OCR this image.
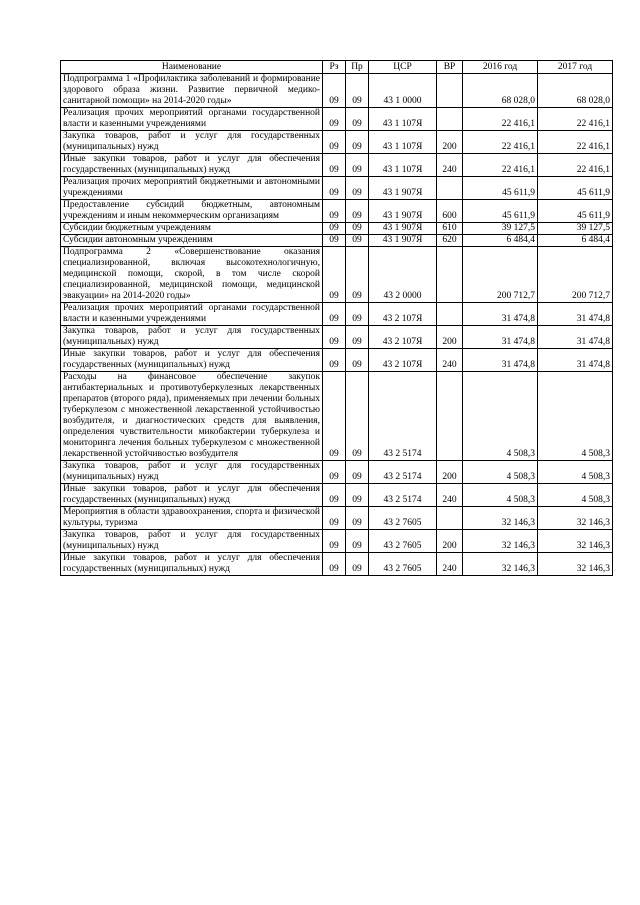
Наименование	Рз	Пр	ЦСР	ВР	2016 год	2017 год
Подпрограмма 1 «Профилактика заболеваний и формирование здорового образа жизни. Развитие первичной медико-санитарной помощи» на 2014-2020 годы»	09	09	43 1 0000		68 028,0	68 028,0
Реализация прочих мероприятий органами государственной власти и казенными учреждениями	09	09	43 1 107Я		22 416,1	22 416,1
Закупка товаров, работ и услуг для государственных (муниципальных) нужд	09	09	43 1 107Я	200	22 416,1	22 416,1
Иные закупки товаров, работ и услуг для обеспечения государственных (муниципальных) нужд	09	09	43 1 107Я	240	22 416,1	22 416,1
Реализация прочих мероприятий бюджетными и автономными учреждениями	09	09	43 1 907Я		45 611,9	45 611,9
Предоставление субсидий бюджетным, автономным учреждениям и иным некоммерческим организациям	09	09	43 1 907Я	600	45 611,9	45 611,9
Субсидии бюджетным учреждениям	09	09	43 1 907Я	610	39 127,5	39 127,5
Субсидии автономным учреждениям	09	09	43 1 907Я	620	6 484,4	6 484,4
Подпрограмма 2 «Совершенствование оказания специализированной, включая высокотехнологичную, медицинской помощи, скорой, в том числе скорой специализированной, медицинской помощи, медицинской эвакуации» на 2014-2020 годы»	09	09	43 2 0000		200 712,7	200 712,7
Реализация прочих мероприятий органами государственной власти и казенными учреждениями	09	09	43 2 107Я		31 474,8	31 474,8
Закупка товаров, работ и услуг для государственных (муниципальных) нужд	09	09	43 2 107Я	200	31 474,8	31 474,8
Иные закупки товаров, работ и услуг для обеспечения государственных (муниципальных) нужд	09	09	43 2 107Я	240	31 474,8	31 474,8
Расходы на финансовое обеспечение закупок антибактериальных и противотуберкулезных лекарственных препаратов (второго ряда), применяемых при лечении больных туберкулезом с множественной лекарственной устойчивостью возбудителя, и диагностических средств для выявления, определения чувствительности микобактерии туберкулеза и мониторинга лечения больных туберкулезом с множественной лекарственной устойчивостью возбудителя	09	09	43 2 5174		4 508,3	4 508,3
Закупка товаров, работ и услуг для государственных (муниципальных) нужд	09	09	43 2 5174	200	4 508,3	4 508,3
Иные закупки товаров, работ и услуг для обеспечения государственных (муниципальных) нужд	09	09	43 2 5174	240	4 508,3	4 508,3
Мероприятия в области здравоохранения, спорта и физической культуры, туризма	09	09	43 2 7605		32 146,3	32 146,3
Закупка товаров, работ и услуг для государственных (муниципальных) нужд	09	09	43 2 7605	200	32 146,3	32 146,3
Иные закупки товаров, работ и услуг для обеспечения государственных (муниципальных) нужд	09	09	43 2 7605	240	32 146,3	32 146,3
